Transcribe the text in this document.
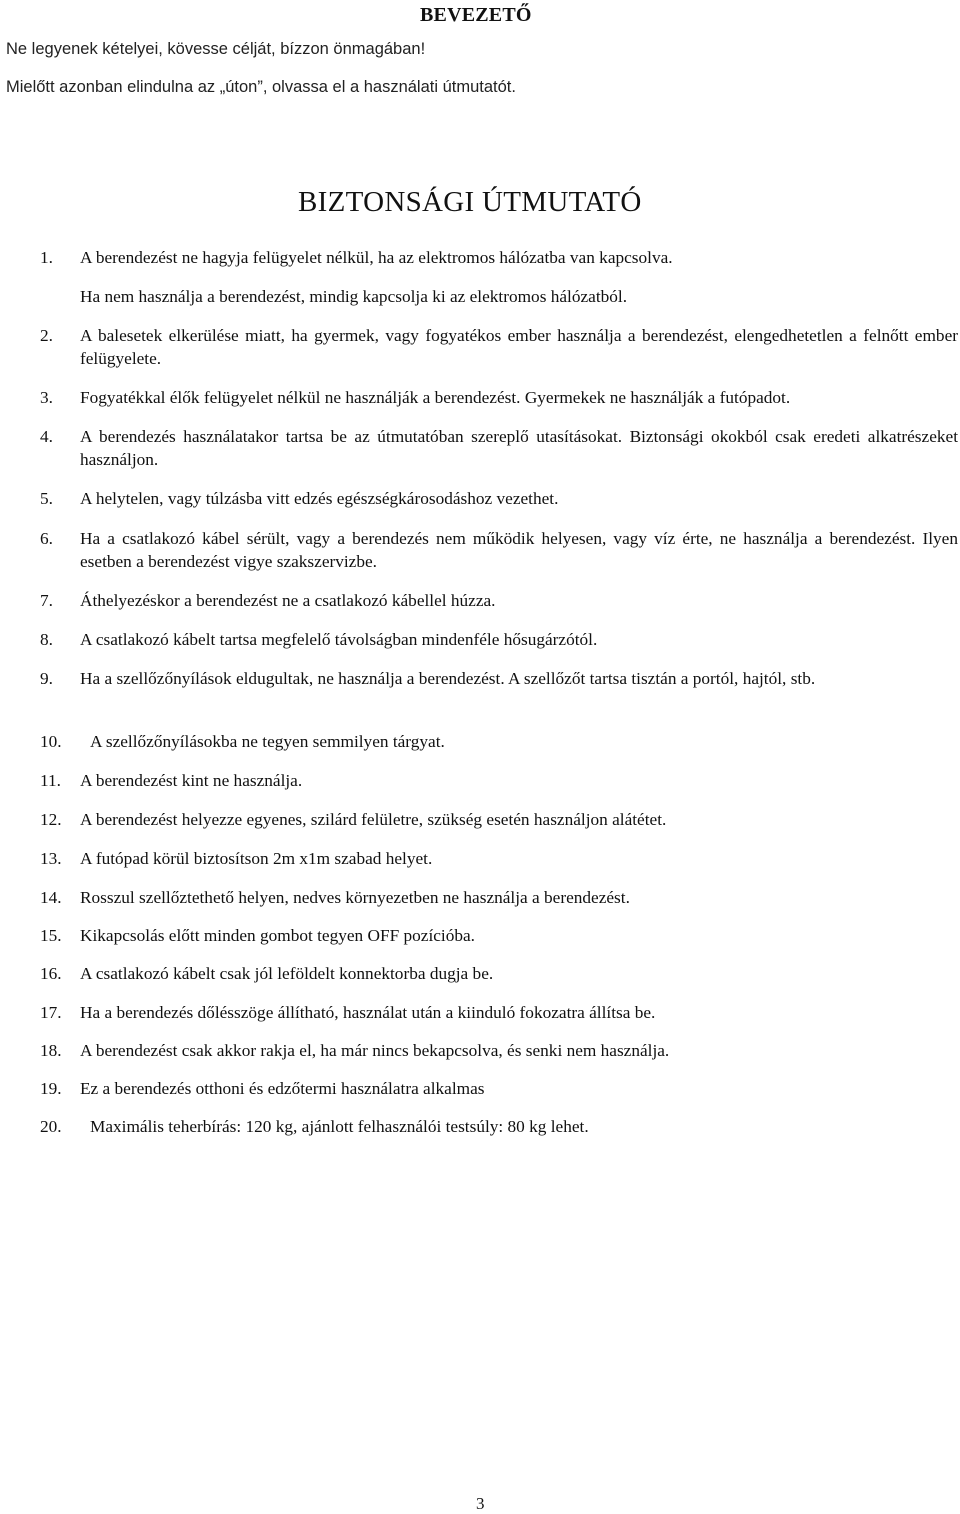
BEVEZETŐ
Ne legyenek kételyei, kövesse célját, bízzon önmagában!
Mielőtt azonban elindulna az „úton”, olvassa el a használati útmutatót.
BIZTONSÁGI ÚTMUTATÓ
1. A berendezést ne hagyja felügyelet nélkül, ha az elektromos hálózatba van kapcsolva.
Ha nem használja a berendezést, mindig kapcsolja ki az elektromos hálózatból.
2. A balesetek elkerülése miatt, ha gyermek, vagy fogyatékos ember használja a berendezést, elengedhetetlen a felnőtt ember felügyelete.
3. Fogyatékkal élők felügyelet nélkül ne használják a berendezést. Gyermekek ne használják a futópadot.
4. A berendezés használatakor tartsa be az útmutatóban szereplő utasításokat. Biztonsági okokból csak eredeti alkatrészeket használjon.
5. A helytelen, vagy túlzásba vitt edzés egészségkárosodáshoz vezethet.
6. Ha a csatlakozó kábel sérült, vagy a berendezés nem működik helyesen, vagy víz érte, ne használja a berendezést. Ilyen esetben a berendezést vigye szakszervizbe.
7. Áthelyezéskor a berendezést ne a csatlakozó kábellel húzza.
8. A csatlakozó kábelt tartsa megfelelő távolságban mindenféle hősugárzótól.
9. Ha a szellőzőnyílások eldugultak, ne használja a berendezést. A szellőzőt tartsa tisztán a portól, hajtól, stb.
10. A szellőzőnyílásokba ne tegyen semmilyen tárgyat.
11. A berendezést kint ne használja.
12. A berendezést helyezze egyenes, szilárd felületre, szükség esetén használjon alátétet.
13. A futópad körül biztosítson 2m x1m szabad helyet.
14. Rosszul szellőztethető helyen, nedves környezetben ne használja a berendezést.
15. Kikapcsolás előtt minden gombot tegyen OFF pozícióba.
16. A csatlakozó kábelt csak jól leföldelt konnektorba dugja be.
17. Ha a berendezés dőlésszöge állítható, használat után a kiinduló fokozatra állítsa be.
18. A berendezést csak akkor rakja el, ha már nincs bekapcsolva, és senki nem használja.
19. Ez a berendezés otthoni és edzőtermi használatra alkalmas
20. Maximális teherbírás: 120 kg, ajánlott felhasználói testsúly: 80 kg lehet.
3
